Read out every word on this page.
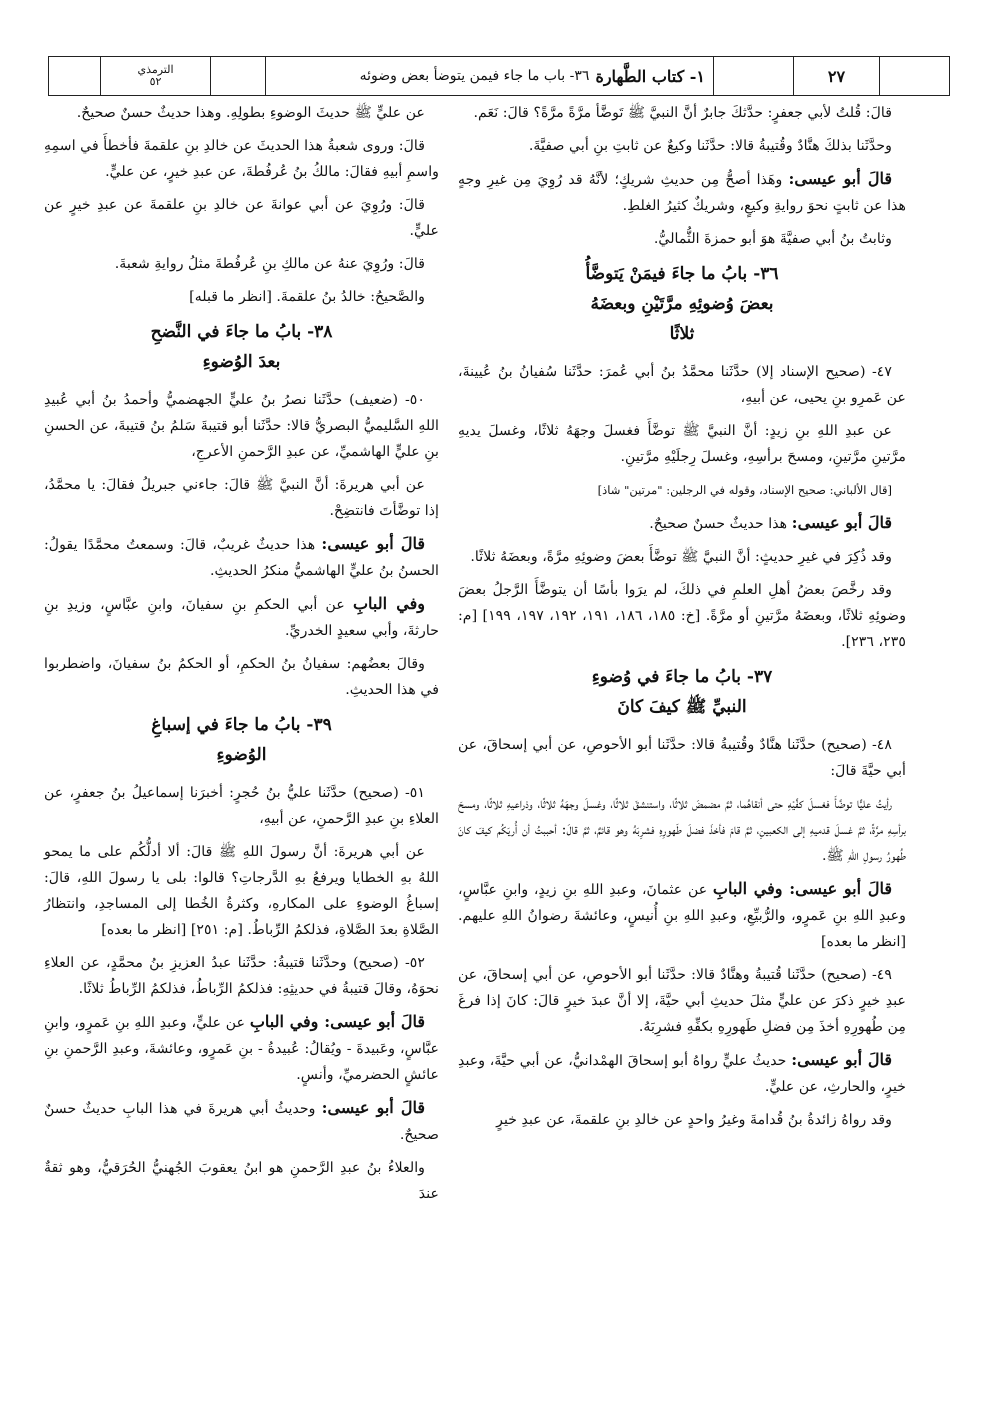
الترمذي
٥٢	١- كتاب الطَّهارة
٣٦- باب ما جاء فيمن يتوضأ بعض وضوئه	٢٧

قالَ: قُلتُ لأبي جعفرٍ: حدَّثكَ جابرٌ أنَّ النبيَّ ﷺ تَوضَّأ مرَّةً مرَّةً؟ قالَ: نَعَم.

وحدَّثَنا بذلكَ هنَّادٌ وقُتيبةُ قالا: حدَّثَنا وكيعٌ عن ثابتِ بنِ أبي صفيَّةَ.

قالَ أبو عيسى: وهَذا أصحُّ مِن حديثِ شريكٍ؛ لأنَّهُ قد رُوِيَ مِن غيرِ وجهٍ هذا عن ثابتٍ نحوَ روايةِ وكيعٍ، وشريكٌ كثيرُ الغلطِ.

وثابتُ بنُ أبي صفيَّةَ هوَ أبو حمزةَ الثُّماليُّ.

٣٦- بابُ ما جاءَ فيمَنْ يَتوضَّأُ
بعضَ وُضوئِهِ مرَّتَيْنِ وبعضَهُ
ثلاثًا

٤٧- (صحيح الإسناد إلا) حدَّثَنا محمَّدُ بنُ أبي عُمرَ: حدَّثَنا سُفيانُ بنُ عُيينةَ، عن عَمرِو بنِ يحيى، عن أبيهِ،

عن عبدِ اللهِ بنِ زيدٍ: أنَّ النبيَّ ﷺ توضَّأَ فغسلَ وجهَهُ ثلاثًا، وغسلَ يديهِ مرَّتينِ مرَّتينِ، ومسحَ برأسِهِ، وغسلَ رِجلَيْهِ مرَّتينِ.

[قال الألباني: صحيح الإسناد، وقوله في الرجلين: "مرتين" شاذ]

قالَ أبو عيسى: هذا حديثٌ حسنٌ صحيحٌ.

وقد ذُكِرَ في غيرِ حديثٍ: أنَّ النبيَّ ﷺ توضَّأَ بعضَ وضوئِهِ مرَّةً، وبعضَهُ ثلاثًا.

وقد رخَّصَ بعضُ أهلِ العلمِ في ذلكَ، لم يرَوا بأسًا أن يتوضَّأَ الرَّجلُ بعضَ وضوئِهِ ثلاثًا، وبعضَهُ مرَّتينِ أو مرَّةً. [خ: ١٨٥، ١٨٦، ١٩١، ١٩٢، ١٩٧، ١٩٩] [م: ٢٣٥، ٢٣٦].

٣٧- بابُ ما جاءَ في وُضوءِ
النبيِّ ﷺ كيفَ كانَ

٤٨- (صحيح) حدَّثَنا هنَّادٌ وقُتيبةُ قالا: حدَّثَنا أبو الأحوصِ، عن أبي إسحاقَ، عن أبي حيَّةَ قالَ:

رأيتُ عليًّا توضَّأَ فغسلَ كفَّيْهِ حتى أنقاهُما، ثمَّ مضمضَ ثلاثًا، واستنشقَ ثلاثًا، وغسلَ وجهَهُ ثلاثًا، وذراعيهِ ثلاثًا، ومسحَ برأسِهِ مرَّةً، ثمَّ غسلَ قدميهِ إلى الكعبينِ، ثمَّ قامَ فأخذَ فضلَ طَهورِهِ فشرِبَهُ وهو قائمٌ، ثمَّ قالَ: أحببتُ أن أُريَكُم كيفَ كانَ طُهورُ رسولِ اللهِ ﷺ.

قالَ أبو عيسى: وفي البابِ عن عثمانَ، وعبدِ اللهِ بنِ زيدٍ، وابنِ عبَّاسٍ، وعبدِ اللهِ بنِ عَمرٍو، والرُّبيِّعِ، وعبدِ اللهِ بنِ أُنيسٍ، وعائشةَ رضوانُ اللهِ عليهم. [انظر ما بعده]

٤٩- (صحيح) حدَّثَنا قُتيبةُ وهنَّادٌ قالا: حدَّثَنا أبو الأحوصِ، عن أبي إسحاقَ، عن عبدِ خيرٍ ذكرَ عن عليٍّ مثلَ حديثِ أبي حيَّةَ، إلا أنَّ عبدَ خيرٍ قالَ: كانَ إذا فرغَ مِن طُهورِهِ أخذَ مِن فضلِ طَهورِهِ بكفِّهِ فشرِبَهُ.

قالَ أبو عيسى: حديثُ عليٍّ رواهُ أبو إسحاقَ الهمْدانيُّ، عن أبي حيَّةَ، وعبدِ خيرٍ، والحارثِ، عن عليٍّ.

وقد رواهُ زائدةُ بنُ قُدامةَ وغيرُ واحدٍ عن خالدِ بنِ علقمةَ، عن عبدِ خيرٍ

عن عليٍّ ﷺ حديثَ الوضوءِ بطولِهِ. وهذا حديثٌ حسنٌ صحيحٌ.

قالَ: وروى شعبةُ هذا الحديثَ عن خالدِ بنِ علقمةَ فأخطأَ في اسمِهِ واسمِ أبيهِ فقالَ: مالكُ بنُ عُرفُطةَ، عن عبدِ خيرٍ، عن عليٍّ.

قالَ: ورُوِيَ عن أبي عوانةَ عن خالدِ بنِ علقمةَ عن عبدِ خيرٍ عن عليٍّ.

قالَ: ورُوِيَ عنهُ عن مالكِ بنِ عُرفُطةَ مثلُ روايةِ شعبةَ.

والصَّحيحُ: خالدُ بنُ علقمةَ. [انظر ما قبله]

٣٨- بابُ ما جاءَ في النَّضحِ
بعدَ الوُضوءِ

٥٠- (ضعيف) حدَّثَنا نصرُ بنُ عليٍّ الجهضميُّ وأحمدُ بنُ أبي عُبيدِ اللهِ السَّليميُّ البصريُّ قالا: حدَّثَنا أبو قتيبةَ سَلمُ بنُ قتيبةَ، عن الحسنِ بنِ عليٍّ الهاشميِّ، عن عبدِ الرَّحمنِ الأعرجِ،

عن أبي هريرةَ: أنَّ النبيَّ ﷺ قالَ: جاءني جبريلُ فقالَ: يا محمَّدُ، إذا توضَّأتَ فانتضِحْ.

قالَ أبو عيسى: هذا حديثٌ غريبٌ، قالَ: وسمعتُ محمَّدًا يقولُ: الحسنُ بنُ عليٍّ الهاشميُّ منكرُ الحديثِ.

وفي البابِ عن أبي الحكمِ بنِ سفيانَ، وابنِ عبَّاسٍ، وزيدِ بنِ حارثةَ، وأبي سعيدٍ الخدريِّ.

وقالَ بعضُهم: سفيانُ بنُ الحكمِ، أو الحكمُ بنُ سفيانَ، واضطربوا في هذا الحديثِ.

٣٩- بابُ ما جاءَ في إسباغِ
الوُضوءِ

٥١- (صحيح) حدَّثَنا عليُّ بنُ حُجرٍ: أخبرَنا إسماعيلُ بنُ جعفرٍ، عن العلاءِ بنِ عبدِ الرَّحمنِ، عن أبيهِ،

عن أبي هريرةَ: أنَّ رسولَ اللهِ ﷺ قالَ: ألا أدلُّكُم على ما يمحو اللهُ بهِ الخطايا ويرفعُ بهِ الدَّرجاتِ؟ قالوا: بلى يا رسولَ اللهِ، قالَ: إسباغُ الوضوءِ على المكارهِ، وكثرةُ الخُطا إلى المساجدِ، وانتظارُ الصَّلاةِ بعدَ الصَّلاةِ، فذلكمُ الرِّباطُ. [م: ٢٥١] [انظر ما بعده]

٥٢- (صحيح) وحدَّثَنا قتيبةُ: حدَّثَنا عبدُ العزيزِ بنُ محمَّدٍ، عن العلاءِ نحوَهُ، وقالَ قتيبةُ في حديثِهِ: فذلكمُ الرِّباطُ، فذلكمُ الرِّباطُ ثلاثًا.

قالَ أبو عيسى: وفي البابِ عن عليٍّ، وعبدِ اللهِ بنِ عَمرٍو، وابنِ عبَّاسٍ، وعَبيدةَ - ويُقالُ: عُبيدةُ - بنِ عَمرٍو، وعائشةَ، وعبدِ الرَّحمنِ بنِ عائشٍ الحضرميِّ، وأنسٍ.

قالَ أبو عيسى: وحديثُ أبي هريرةَ في هذا البابِ حديثٌ حسنٌ صحيحٌ.

والعلاءُ بنُ عبدِ الرَّحمنِ هو ابنُ يعقوبَ الجُهنيُّ الحُرَقيُّ، وهو ثقةٌ عندَ
